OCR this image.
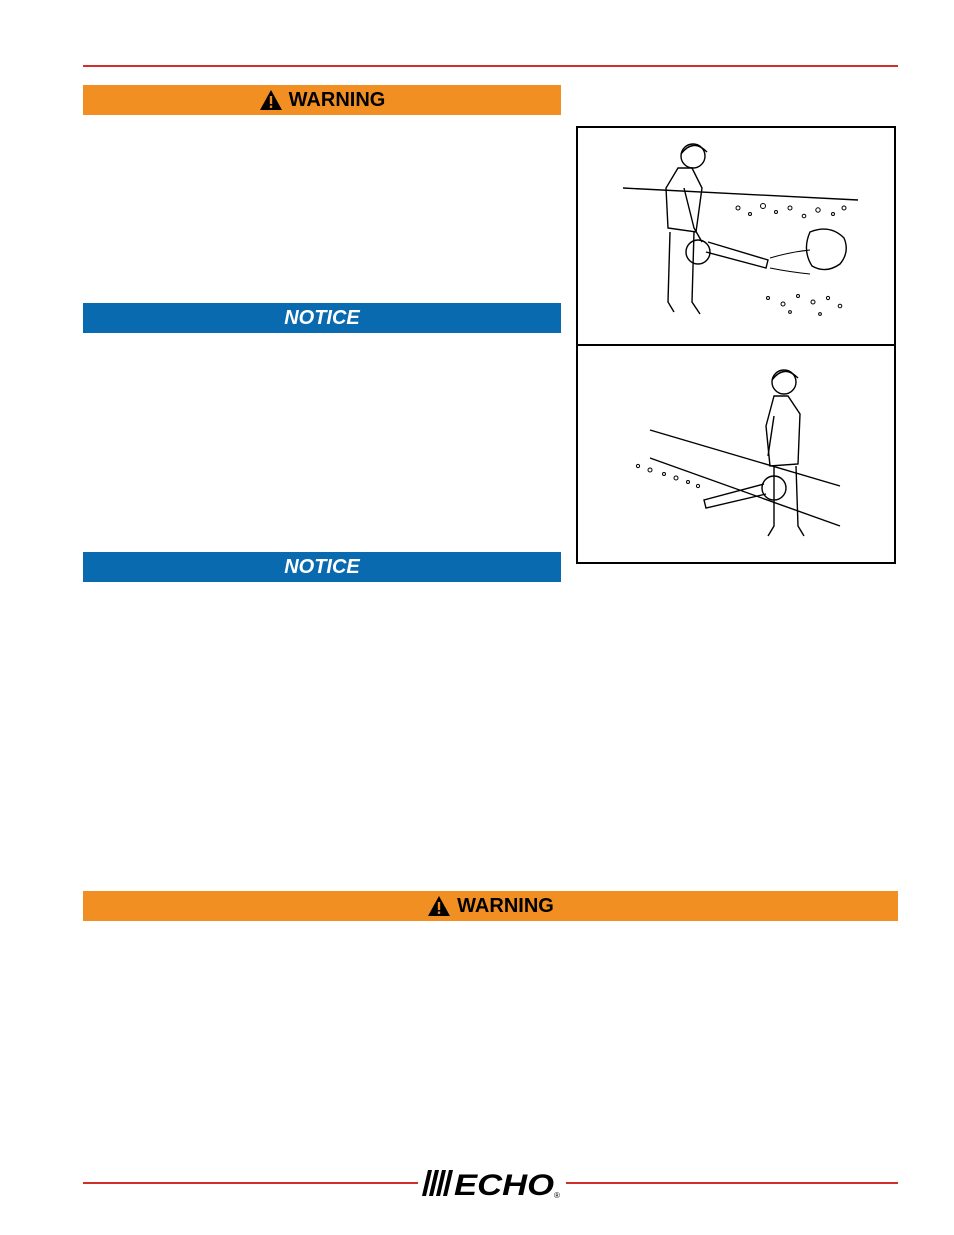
WARNING
NOTICE
NOTICE
WARNING
ECHO ®
